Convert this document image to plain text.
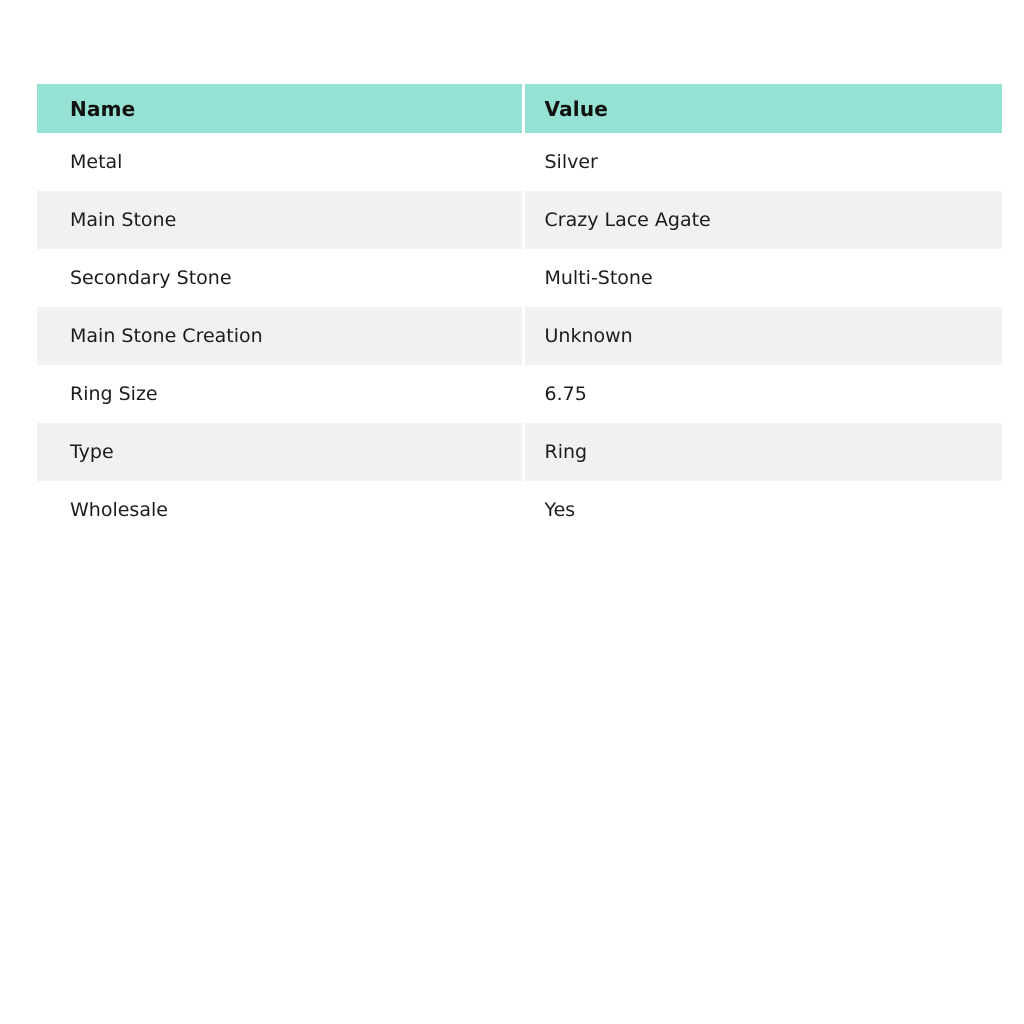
Name	Value
Metal	Silver
Main Stone	Crazy Lace Agate
Secondary Stone	Multi-Stone
Main Stone Creation	Unknown
Ring Size	6.75
Type	Ring
Wholesale	Yes
